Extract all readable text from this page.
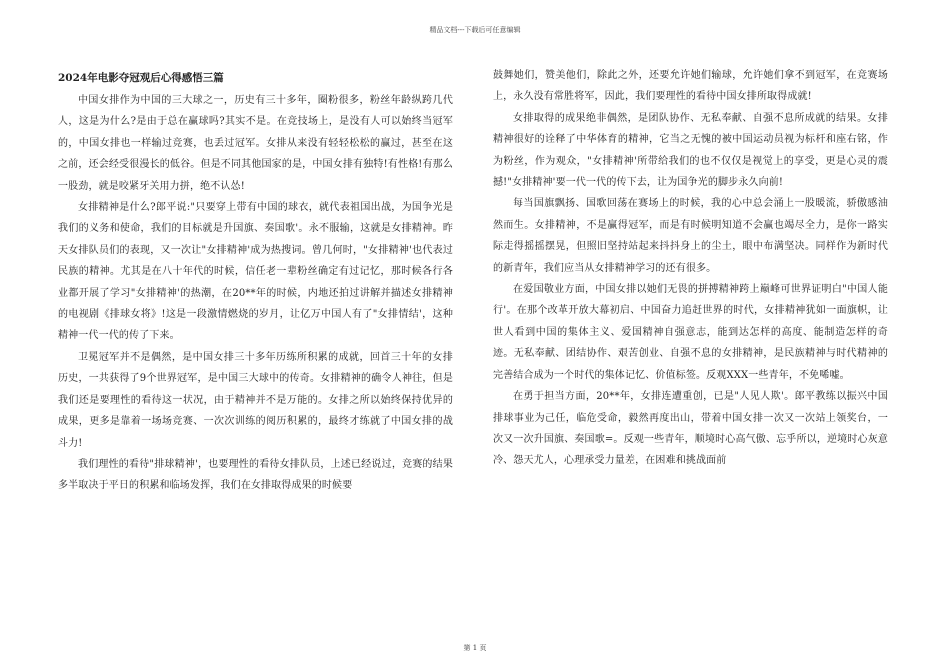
精品文档---下载后可任意编辑
2024年电影夺冠观后心得感悟三篇

中国女排作为中国的三大球之一，历史有三十多年，圈粉很多，粉丝年龄纵跨几代人，这是为什么?是由于总在赢球吗?其实不是。在竞技场上，是没有人可以始终当冠军的，中国女排也一样输过竞赛，也丢过冠军。女排从来没有轻轻松松的赢过，甚至在这之前，还会经受很漫长的低谷。但是不同其他国家的是，中国女排有独特!有性格!有那么一股劲，就是咬紧牙关用力拼，绝不认怂!

女排精神是什么?郎平说:"只要穿上带有中国的球衣，就代表祖国出战，为国争光是我们的义务和使命，我们的目标就是升国旗、奏国歌'。永不服输，这就是女排精神。昨天女排队员们的表现，又一次让"女排精神'成为热搜词。曾几何时，"女排精神'也代表过民族的精神。尤其是在八十年代的时候，信任老一辈粉丝确定有过记忆，那时候各行各业都开展了学习"女排精神'的热潮，在20**年的时候，内地还拍过讲解并描述女排精神的电视剧《排球女将》!这是一段激情燃烧的岁月，让亿万中国人有了"女排情结'，这种精神一代一代的传了下来。

卫冕冠军并不是偶然，是中国女排三十多年历练所积累的成就，回首三十年的女排历史，一共获得了9个世界冠军，是中国三大球中的传奇。女排精神的确令人神往，但是我们还是要理性的看待这一状况，由于精神并不是万能的。女排之所以始终保持优异的成果，更多是靠着一场场竞赛、一次次训练的阅历积累的，最终才练就了中国女排的战斗力!

我们理性的看待"排球精神'，也要理性的看待女排队员，上述已经说过，竞赛的结果多半取决于平日的积累和临场发挥，我们在女排取得成果的时候要

鼓舞她们，赞美他们，除此之外，还要允许她们输球，允许她们拿不到冠军，在竞赛场上，永久没有常胜将军，因此，我们要理性的看待中国女排所取得成就!

女排取得的成果绝非偶然，是团队协作、无私奉献、自强不息所成就的结果。女排精神很好的诠释了中华体育的精神，它当之无愧的被中国运动员视为标杆和座右铭，作为粉丝，作为观众，"女排精神'所带给我们的也不仅仅是视觉上的享受，更是心灵的震撼!"女排精神'要一代一代的传下去，让为国争光的脚步永久向前!

每当国旗飘扬、国歌回荡在赛场上的时候，我的心中总会涌上一股暖流，骄傲感油然而生。女排精神，不是赢得冠军，而是有时候明知道不会赢也竭尽全力，是你一路实际走得摇摇摆晃，但照旧坚持站起来抖抖身上的尘土，眼中布满坚决。同样作为新时代的新青年，我们应当从女排精神学习的还有很多。

在爱国敬业方面，中国女排以她们无畏的拼搏精神跨上巅峰可世界证明白"中国人能行'。在那个改革开放大幕初启、中国奋力追赶世界的时代，女排精神犹如一面旗帜，让世人看到中国的集体主义、爱国精神自强意志，能到达怎样的高度、能制造怎样的奇迹。无私奉献、团结协作、艰苦创业、自强不息的女排精神，是民族精神与时代精神的完善结合成为一个时代的集体记忆、价值标签。反观XXX一些青年，不免唏嘘。

在勇于担当方面，20**年，女排连遭重创，已是"人见人欺'。郎平教练以振兴中国排球事业为己任，临危受命，毅然再度出山，带着中国女排一次又一次站上领奖台，一次又一次升国旗、奏国歌=。反观一些青年，顺境时心高气傲、忘乎所以，逆境时心灰意冷、怨天尤人，心理承受力量差，在困难和挑战面前

第 1 页
